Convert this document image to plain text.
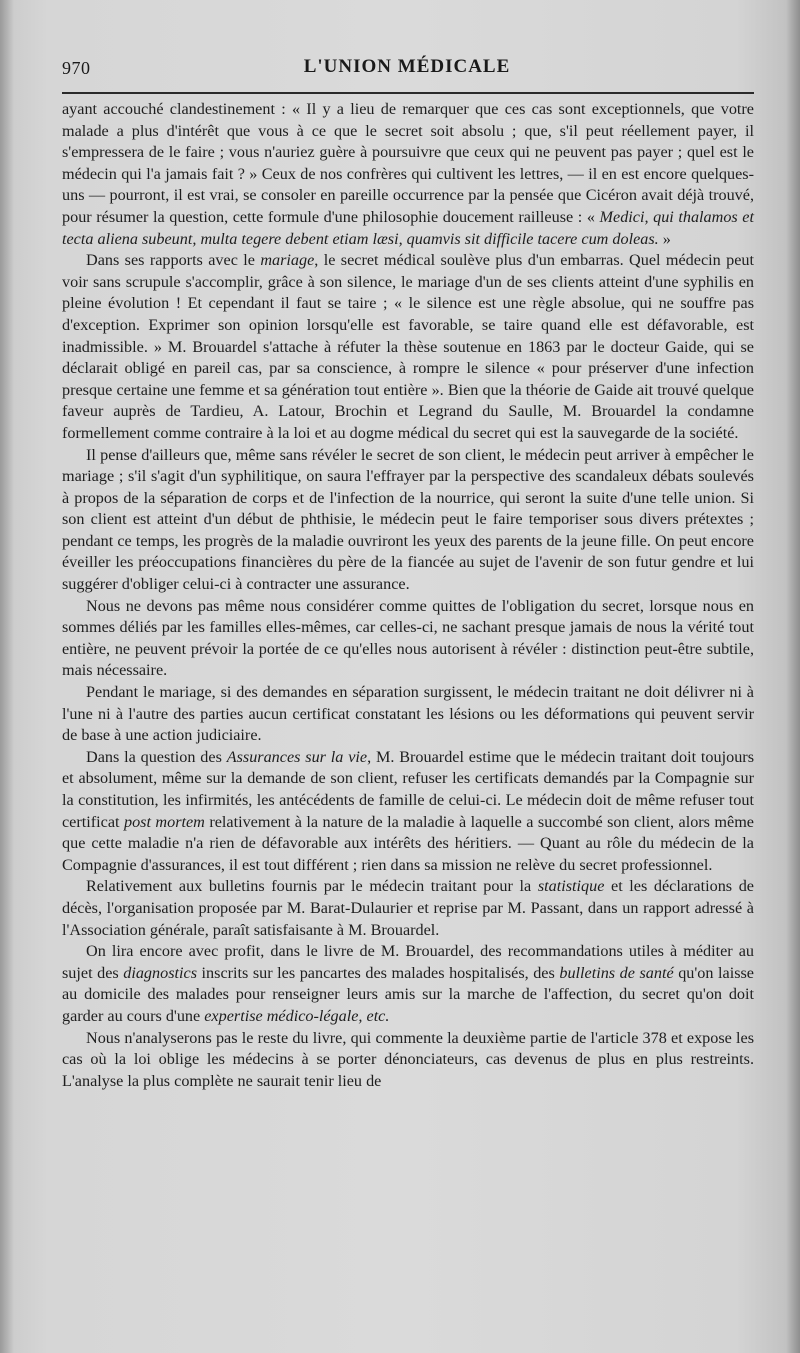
970	L'UNION MÉDICALE

ayant accouché clandestinement : « Il y a lieu de remarquer que ces cas sont exceptionnels, que votre malade a plus d'intérêt que vous à ce que le secret soit absolu ; que, s'il peut réellement payer, il s'empressera de le faire ; vous n'auriez guère à poursuivre que ceux qui ne peuvent pas payer ; quel est le médecin qui l'a jamais fait ? » Ceux de nos confrères qui cultivent les lettres, — il en est encore quelques-uns — pourront, il est vrai, se consoler en pareille occurrence par la pensée que Cicéron avait déjà trouvé, pour résumer la question, cette formule d'une philosophie doucement railleuse : « Medici, qui thalamos et tecta aliena subeunt, multa tegere debent etiam læsi, quamvis sit difficile tacere cum doleas. »

Dans ses rapports avec le mariage, le secret médical soulève plus d'un embarras. Quel médecin peut voir sans scrupule s'accomplir, grâce à son silence, le mariage d'un de ses clients atteint d'une syphilis en pleine évolution ! Et cependant il faut se taire ; « le silence est une règle absolue, qui ne souffre pas d'exception. Exprimer son opinion lorsqu'elle est favorable, se taire quand elle est défavorable, est inadmissible. » M. Brouardel s'attache à réfuter la thèse soutenue en 1863 par le docteur Gaide, qui se déclarait obligé en pareil cas, par sa conscience, à rompre le silence « pour préserver d'une infection presque certaine une femme et sa génération tout entière ». Bien que la théorie de Gaide ait trouvé quelque faveur auprès de Tardieu, A. Latour, Brochin et Legrand du Saulle, M. Brouardel la condamne formellement comme contraire à la loi et au dogme médical du secret qui est la sauvegarde de la société.

Il pense d'ailleurs que, même sans révéler le secret de son client, le médecin peut arriver à empêcher le mariage ; s'il s'agit d'un syphilitique, on saura l'effrayer par la perspective des scandaleux débats soulevés à propos de la séparation de corps et de l'infection de la nourrice, qui seront la suite d'une telle union. Si son client est atteint d'un début de phthisie, le médecin peut le faire temporiser sous divers prétextes ; pendant ce temps, les progrès de la maladie ouvriront les yeux des parents de la jeune fille. On peut encore éveiller les préoccupations financières du père de la fiancée au sujet de l'avenir de son futur gendre et lui suggérer d'obliger celui-ci à contracter une assurance.

Nous ne devons pas même nous considérer comme quittes de l'obligation du secret, lorsque nous en sommes déliés par les familles elles-mêmes, car celles-ci, ne sachant presque jamais de nous la vérité tout entière, ne peuvent prévoir la portée de ce qu'elles nous autorisent à révéler : distinction peut-être subtile, mais nécessaire.

Pendant le mariage, si des demandes en séparation surgissent, le médecin traitant ne doit délivrer ni à l'une ni à l'autre des parties aucun certificat constatant les lésions ou les déformations qui peuvent servir de base à une action judiciaire.

Dans la question des Assurances sur la vie, M. Brouardel estime que le médecin traitant doit toujours et absolument, même sur la demande de son client, refuser les certificats demandés par la Compagnie sur la constitution, les infirmités, les antécédents de famille de celui-ci. Le médecin doit de même refuser tout certificat post mortem relativement à la nature de la maladie à laquelle a succombé son client, alors même que cette maladie n'a rien de défavorable aux intérêts des héritiers. — Quant au rôle du médecin de la Compagnie d'assurances, il est tout différent ; rien dans sa mission ne relève du secret professionnel.

Relativement aux bulletins fournis par le médecin traitant pour la statistique et les déclarations de décès, l'organisation proposée par M. Barat-Dulaurier et reprise par M. Passant, dans un rapport adressé à l'Association générale, paraît satisfaisante à M. Brouardel.

On lira encore avec profit, dans le livre de M. Brouardel, des recommandations utiles à méditer au sujet des diagnostics inscrits sur les pancartes des malades hospitalisés, des bulletins de santé qu'on laisse au domicile des malades pour renseigner leurs amis sur la marche de l'affection, du secret qu'on doit garder au cours d'une expertise médico-légale, etc.

Nous n'analyserons pas le reste du livre, qui commente la deuxième partie de l'article 378 et expose les cas où la loi oblige les médecins à se porter dénonciateurs, cas devenus de plus en plus restreints. L'analyse la plus complète ne saurait tenir lieu de
